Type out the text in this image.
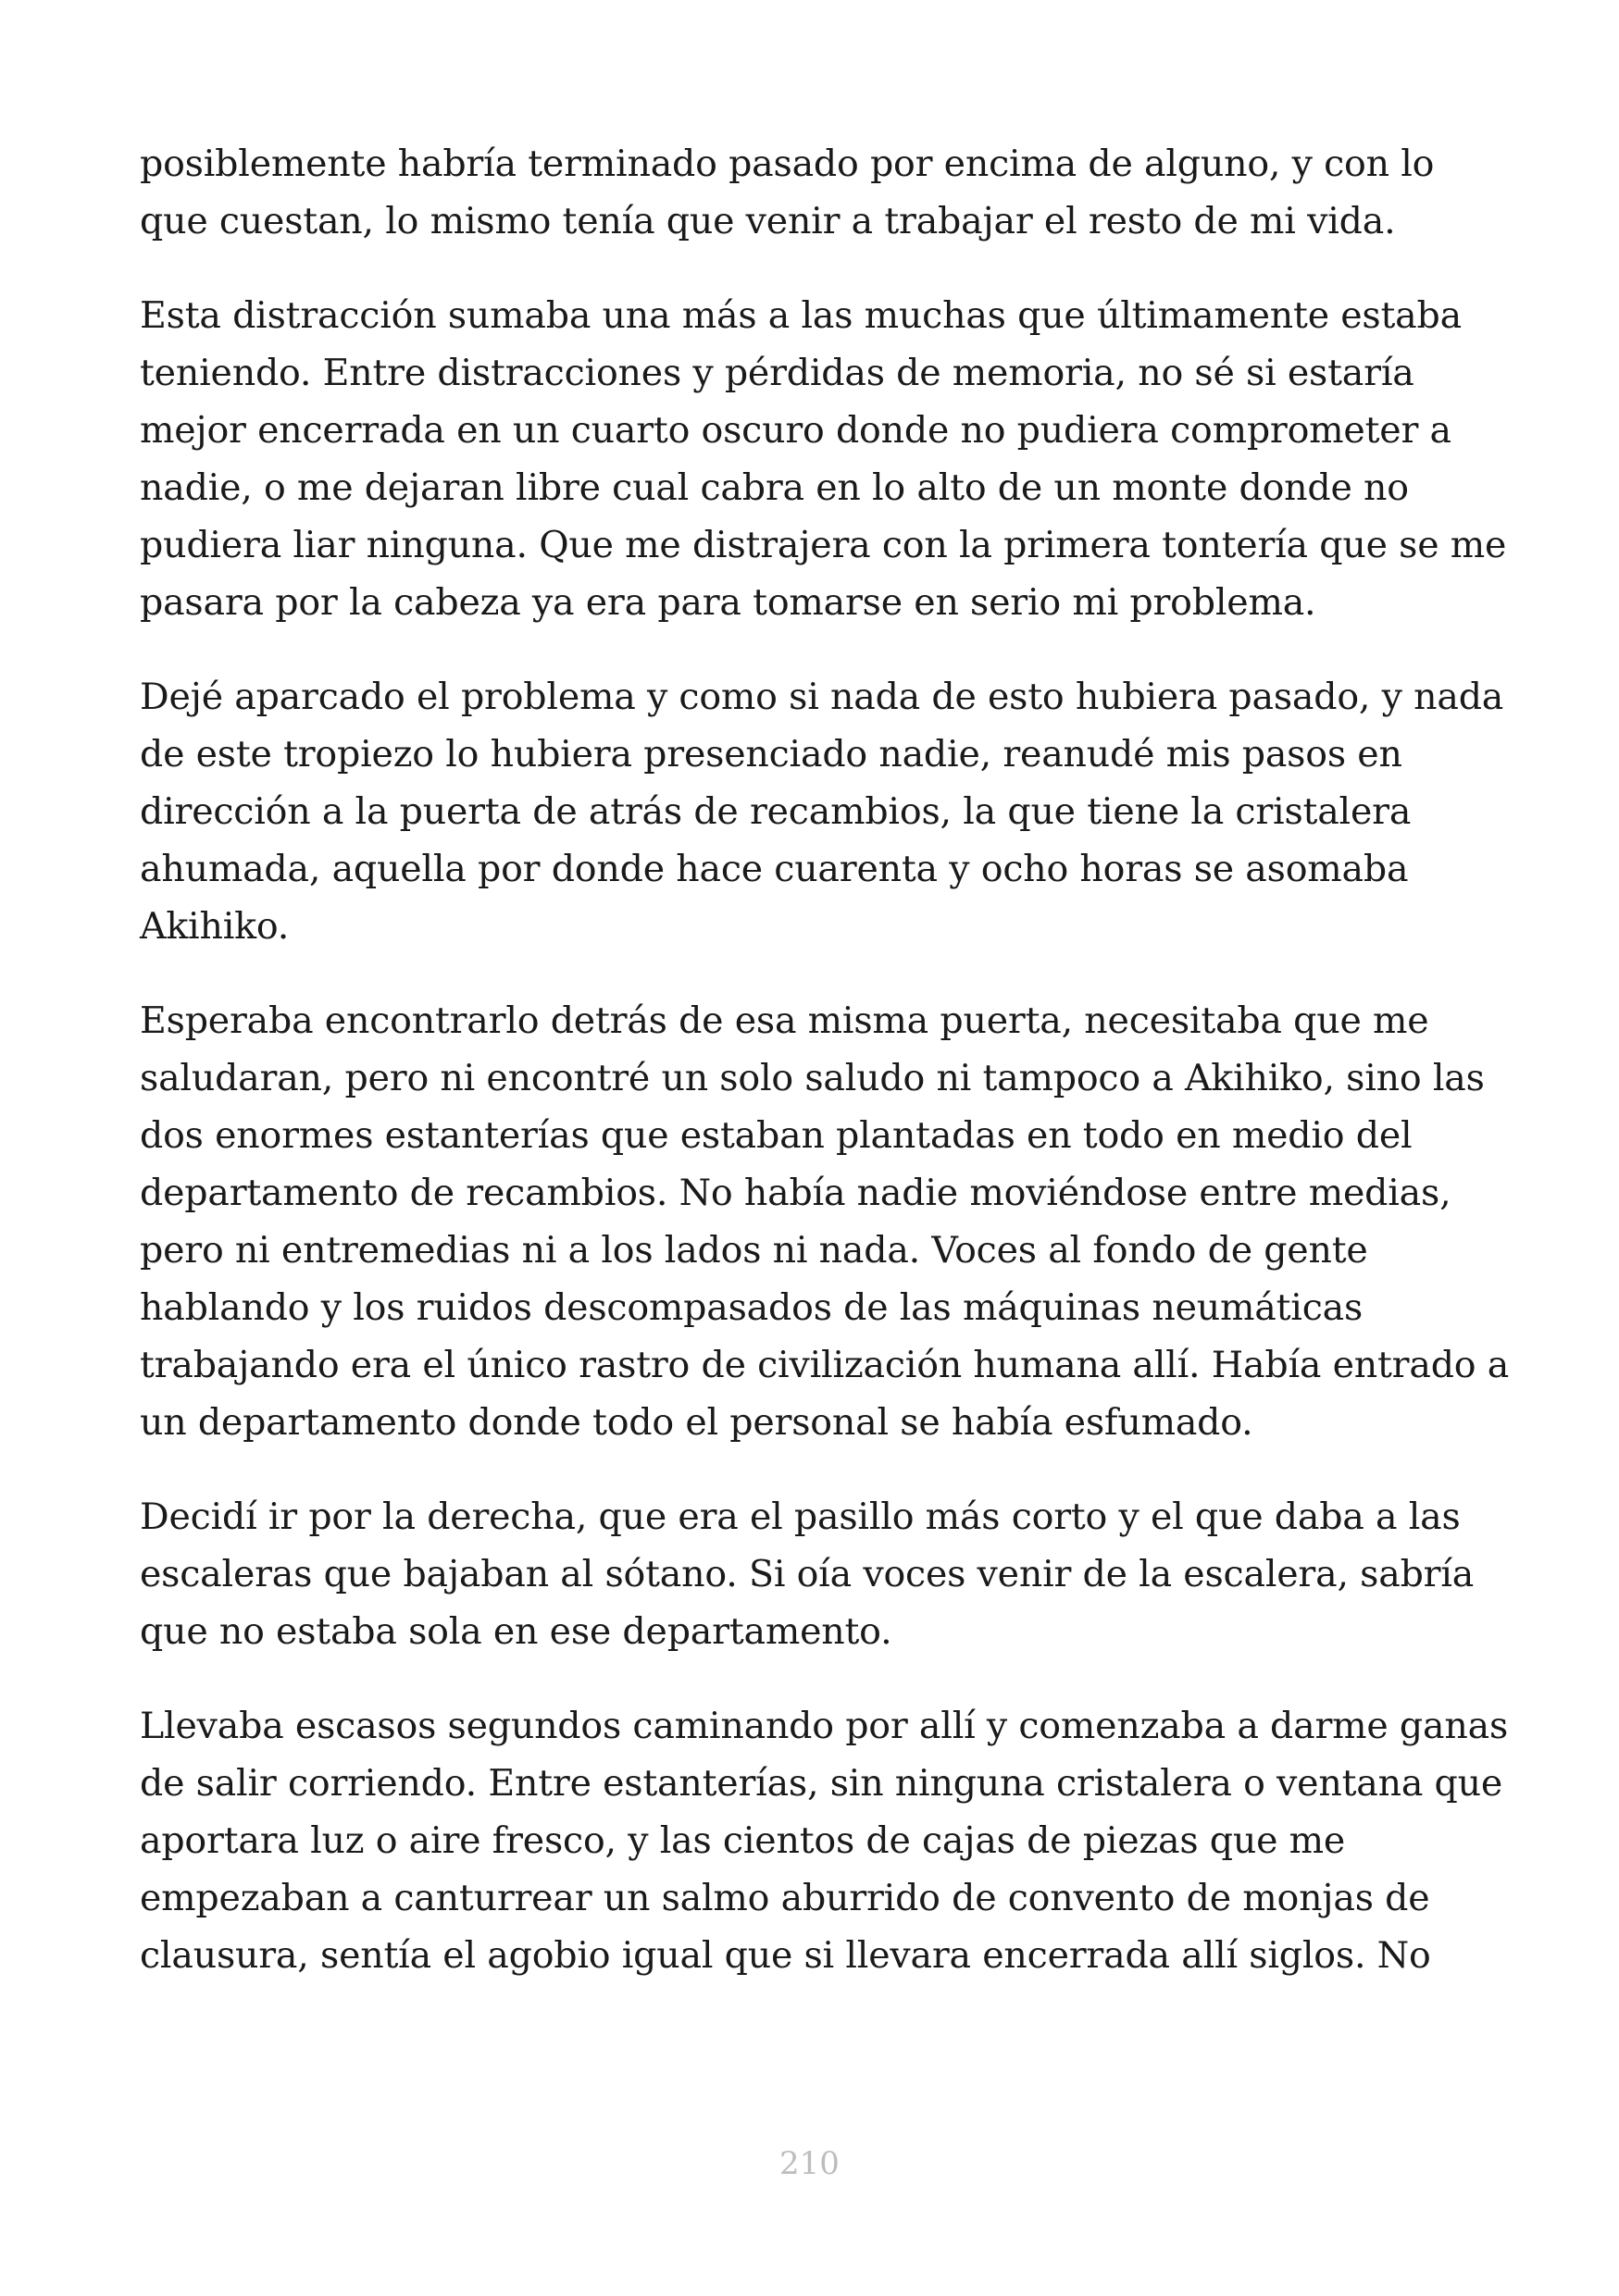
posiblemente habría terminado pasado por encima de alguno, y con lo
que cuestan, lo mismo tenía que venir a trabajar el resto de mi vida.

Esta distracción sumaba una más a las muchas que últimamente estaba
teniendo. Entre distracciones y pérdidas de memoria, no sé si estaría
mejor encerrada en un cuarto oscuro donde no pudiera comprometer a
nadie, o me dejaran libre cual cabra en lo alto de un monte donde no
pudiera liar ninguna. Que me distrajera con la primera tontería que se me
pasara por la cabeza ya era para tomarse en serio mi problema.

Dejé aparcado el problema y como si nada de esto hubiera pasado, y nada
de este tropiezo lo hubiera presenciado nadie, reanudé mis pasos en
dirección a la puerta de atrás de recambios, la que tiene la cristalera
ahumada, aquella por donde hace cuarenta y ocho horas se asomaba
Akihiko.

Esperaba encontrarlo detrás de esa misma puerta, necesitaba que me
saludaran, pero ni encontré un solo saludo ni tampoco a Akihiko, sino las
dos enormes estanterías que estaban plantadas en todo en medio del
departamento de recambios. No había nadie moviéndose entre medias,
pero ni entremedias ni a los lados ni nada. Voces al fondo de gente
hablando y los ruidos descompasados de las máquinas neumáticas
trabajando era el único rastro de civilización humana allí. Había entrado a
un departamento donde todo el personal se había esfumado.

Decidí ir por la derecha, que era el pasillo más corto y el que daba a las
escaleras que bajaban al sótano. Si oía voces venir de la escalera, sabría
que no estaba sola en ese departamento.

Llevaba escasos segundos caminando por allí y comenzaba a darme ganas
de salir corriendo. Entre estanterías, sin ninguna cristalera o ventana que
aportara luz o aire fresco, y las cientos de cajas de piezas que me
empezaban a canturrear un salmo aburrido de convento de monjas de
clausura, sentía el agobio igual que si llevara encerrada allí siglos. No

210
